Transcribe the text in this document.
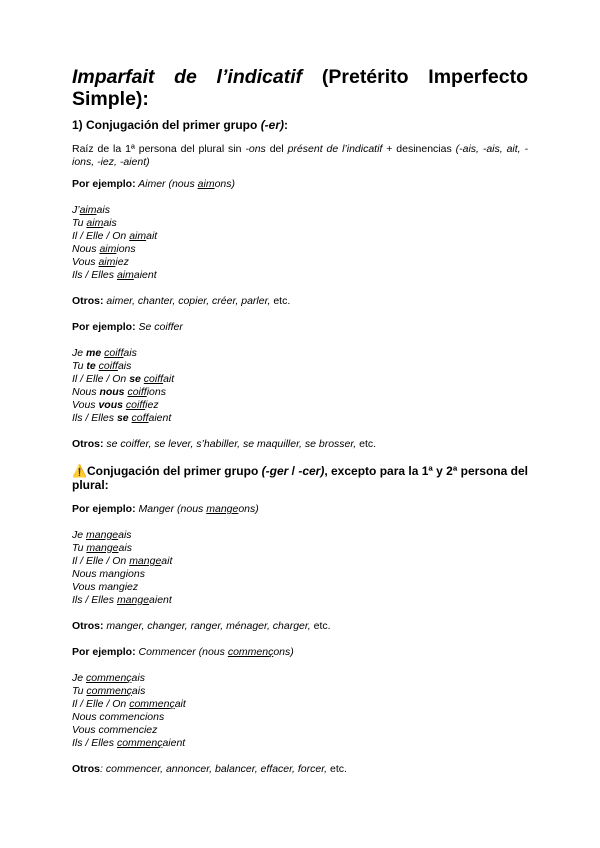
Imparfait de l’indicatif (Pretérito Imperfecto Simple):
1) Conjugación del primer grupo (-er):

Raíz de la 1ª persona del plural sin -ons del présent de l’indicatif + desinencias (-ais, -ais, ait, -ions, -iez, -aient)

Por ejemplo: Aimer (nous aimons)

J’aimais
Tu aimais
Il / Elle / On aimait
Nous aimions
Vous aimiez
Ils / Elles aimaient

Otros: aimer, chanter, copier, créer, parler, etc.

Por ejemplo: Se coiffer

Je me coiffais
Tu te coiffais
Il / Elle / On se coiffait
Nous nous coiffions
Vous vous coiffiez
Ils / Elles se coffaient

Otros: se coiffer, se lever, s’habiller, se maquiller, se brosser, etc.

⚠️Conjugación del primer grupo (-ger / -cer), excepto para la 1ª y 2ª persona del plural:

Por ejemplo: Manger (nous mangeons)

Je mangeais
Tu mangeais
Il / Elle / On mangeait
Nous mangions
Vous mangiez
Ils / Elles mangeaient

Otros: manger, changer, ranger, ménager, charger, etc.

Por ejemplo: Commencer (nous commençons)

Je commençais
Tu commençais
Il / Elle / On commençait
Nous commencions
Vous commenciez
Ils / Elles commençaient

Otros: commencer, annoncer, balancer, effacer, forcer, etc.
